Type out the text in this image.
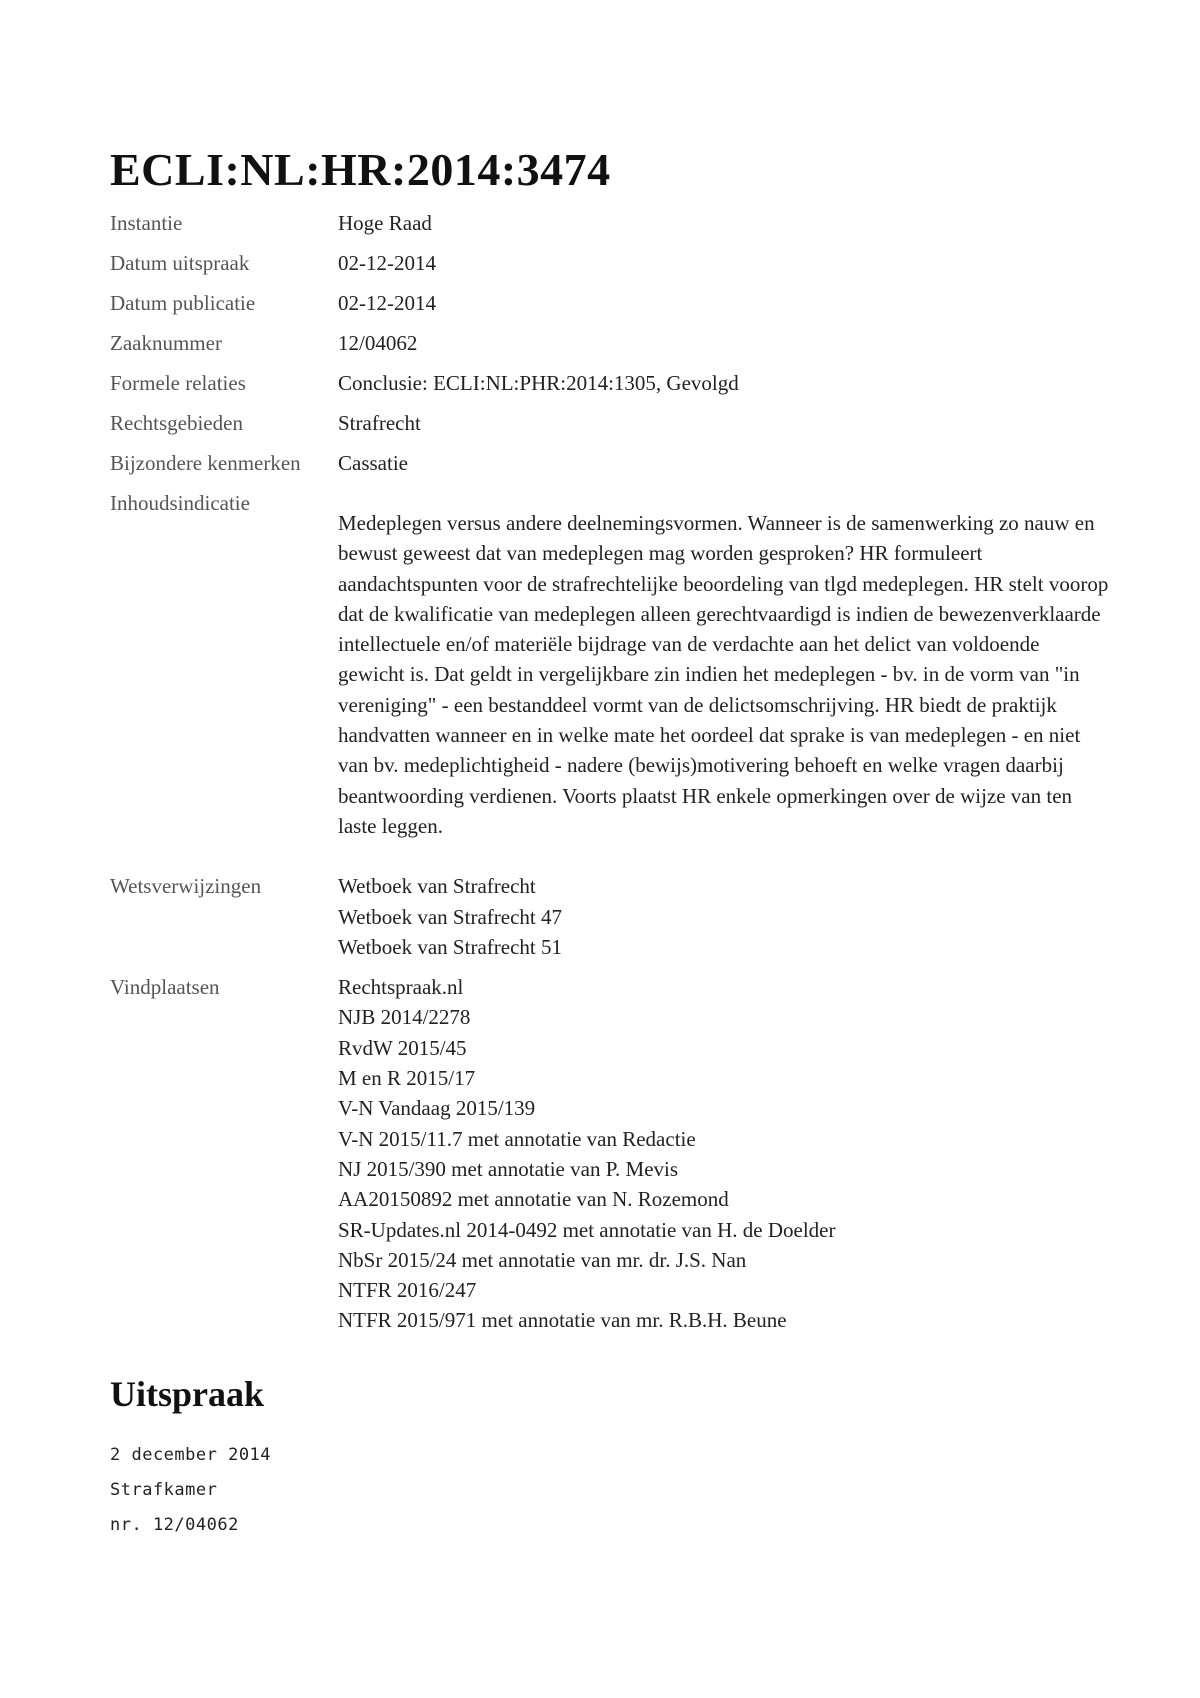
ECLI:NL:HR:2014:3474
Instantie	Hoge Raad
Datum uitspraak	02-12-2014
Datum publicatie	02-12-2014
Zaaknummer	12/04062
Formele relaties	Conclusie: ECLI:NL:PHR:2014:1305, Gevolgd
Rechtsgebieden	Strafrecht
Bijzondere kenmerken	Cassatie
Inhoudsindicatie
Medeplegen versus andere deelnemingsvormen. Wanneer is de samenwerking zo nauw en bewust geweest dat van medeplegen mag worden gesproken? HR formuleert aandachtspunten voor de strafrechtelijke beoordeling van tlgd medeplegen. HR stelt voorop dat de kwalificatie van medeplegen alleen gerechtvaardigd is indien de bewezenverklaarde intellectuele en/of materiële bijdrage van de verdachte aan het delict van voldoende gewicht is. Dat geldt in vergelijkbare zin indien het medeplegen - bv. in de vorm van "in vereniging" - een bestanddeel vormt van de delictsomschrijving. HR biedt de praktijk handvatten wanneer en in welke mate het oordeel dat sprake is van medeplegen - en niet van bv. medeplichtigheid - nadere (bewijs)motivering behoeft en welke vragen daarbij beantwoording verdienen. Voorts plaatst HR enkele opmerkingen over de wijze van ten laste leggen.
Wetsverwijzingen	Wetboek van Strafrecht
Wetboek van Strafrecht 47
Wetboek van Strafrecht 51
Vindplaatsen	Rechtspraak.nl
NJB 2014/2278
RvdW 2015/45
M en R 2015/17
V-N Vandaag 2015/139
V-N 2015/11.7 met annotatie van Redactie
NJ 2015/390 met annotatie van P. Mevis
AA20150892 met annotatie van N. Rozemond
SR-Updates.nl 2014-0492 met annotatie van H. de Doelder
NbSr 2015/24 met annotatie van mr. dr. J.S. Nan
NTFR 2016/247
NTFR 2015/971 met annotatie van mr. R.B.H. Beune
Uitspraak
2 december 2014
Strafkamer
nr. 12/04062
